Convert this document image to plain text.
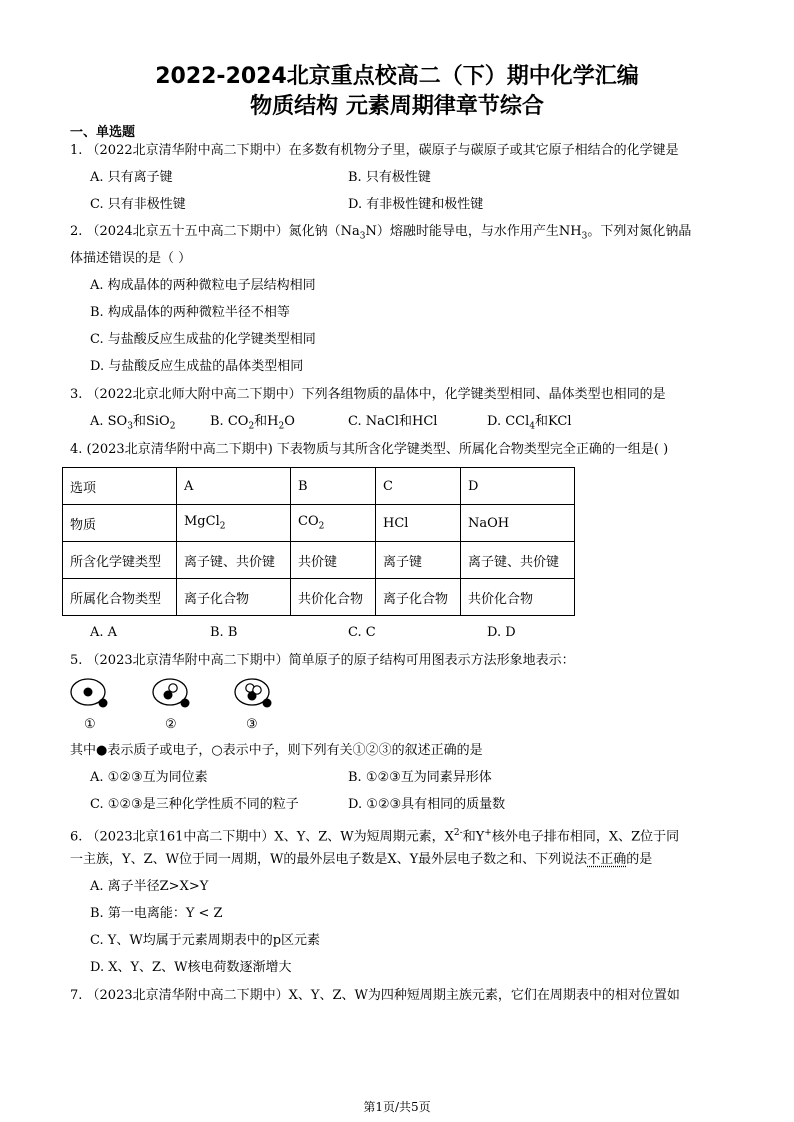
2022-2024北京重点校高二（下）期中化学汇编
物质结构 元素周期律章节综合
一、单选题
1. （2022北京清华附中高二下期中）在多数有机物分子里，碳原子与碳原子或其它原子相结合的化学键是
A. 只有离子键	B. 只有极性键
C. 只有非极性键	D. 有非极性键和极性键
2. （2024北京五十五中高二下期中）氮化钠$(Na_3N)$熔融时能导电，与水作用产生$NH_3$。下列对氮化钠晶
体描述错误的是（ ）
A. 构成晶体的两种微粒电子层结构相同
B. 构成晶体的两种微粒半径不相等
C. 与盐酸反应生成盐的化学键类型相同
D. 与盐酸反应生成盐的晶体类型相同
3. （2022北京北师大附中高二下期中）下列各组物质的晶体中，化学键类型相同、晶体类型也相同的是
A. $SO_3$和SiO$_2$	B. $CO_2$和$H_2O$	C. NaCl和HCl	D. CCl$_4$和KCl
4. (2023北京清华附中高二下期中) 下表物质与其所含化学键类型、所属化合物类型完全正确的一组是( )
选项	A	B	C	D
物质	MgCl$_2$	$CO_2$	HCl	NaOH
所含化学键类型	离子键、共价键	共价键	离子键	离子键、共价键
所属化合物类型	离子化合物	共价化合物	离子化合物	共价化合物
A. A	B. B	C. C	D. D
5. （2023北京清华附中高二下期中）简单原子的原子结构可用图表示方法形象地表示：
①	②	③
其中●表示质子或电子，○表示中子，则下列有关①②③的叙述正确的是
A. ①②③互为同位素	B. ①②③互为同素异形体
C. ①②③是三种化学性质不同的粒子	D. ①②③具有相同的质量数
6. （2023北京161中高二下期中）X、Y、Z、W为短周期元素，$X^{2-}$和Y+核外电子排布相同，X、Z位于同
一主族，Y、Z、W位于同一周期，W的最外层电子数是X、Y最外层电子数之和、下列说法不正确的是
A. 离子半径Z>X>Y
B. 第一电离能：Y < Z
C. Y、W均属于元素周期表中的p区元素
D. X、Y、Z、W核电荷数逐渐增大
7. （2023北京清华附中高二下期中）X、Y、Z、W为四种短周期主族元素，它们在周期表中的相对位置如
第1页/共5页
